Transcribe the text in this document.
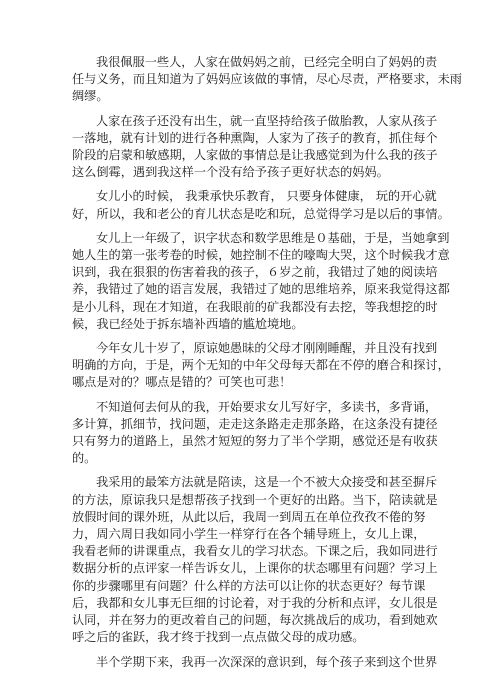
我很佩服一些人，人家在做妈妈之前，已经完全明白了妈妈的责
任与义务，而且知道为了妈妈应该做的事情，尽心尽责，严格要求，未雨
绸缪。

人家在孩子还没有出生，就一直坚持给孩子做胎教，人家从孩子
一落地，就有计划的进行各种熏陶，人家为了孩子的教育，抓住每个
阶段的启蒙和敏感期，人家做的事情总是让我感觉到为什么我的孩子
这么倒霉，遇到我这样一个没有给予孩子更好状态的妈妈。

女儿小的时候， 我秉承快乐教育， 只要身体健康， 玩的开心就
好，所以，我和老公的育儿状态是吃和玩，总觉得学习是以后的事情。

女儿上一年级了，识字状态和数学思维是０基础，于是，当她拿到
她人生的第一张考卷的时候，她控制不住的嚎啕大哭，这个时候我才意
识到，我在狠狠的伤害着我的孩子，６岁之前，我错过了她的阅读培
养，我错过了她的语言发展，我错过了她的思维培养，原来我觉得这都
是小儿科，现在才知道，在我眼前的矿我都没有去挖，等我想挖的时
候，我已经处于拆东墙补西墙的尴尬境地。

今年女儿十岁了，原谅她愚昧的父母才刚刚睡醒，并且没有找到
明确的方向，于是，两个无知的中年父母每天都在不停的磨合和探讨，
哪点是对的？哪点是错的？可笑也可悲！

不知道何去何从的我，开始要求女儿写好字，多读书，多背诵，
多计算，抓细节，找问题，走走这条路走走那条路，在这条没有捷径
只有努力的道路上，虽然才短短的努力了半个学期，感觉还是有收获
的。

我采用的最笨方法就是陪读，这是一个不被大众接受和甚至摒斥
的方法，原谅我只是想帮孩子找到一个更好的出路。当下，陪读就是
放假时间的课外班，从此以后，我周一到周五在单位孜孜不倦的努
力，周六周日我如同小学生一样穿行在各个辅导班上，女儿上课，
我看老师的讲课重点，我看女儿的学习状态。下课之后，我如同进行
数据分析的点评家一样告诉女儿，上课你的状态哪里有问题？学习上
你的步骤哪里有问题？什么样的方法可以让你的状态更好？每节课
后，我都和女儿事无巨细的讨论着，对于我的分析和点评，女儿很是
认同，并在努力的更改着自己的问题，每次挑战后的成功，看到她欢
呼之后的雀跃，我才终于找到一点点做父母的成功感。

半个学期下来，我再一次深深的意识到，每个孩子来到这个世界
